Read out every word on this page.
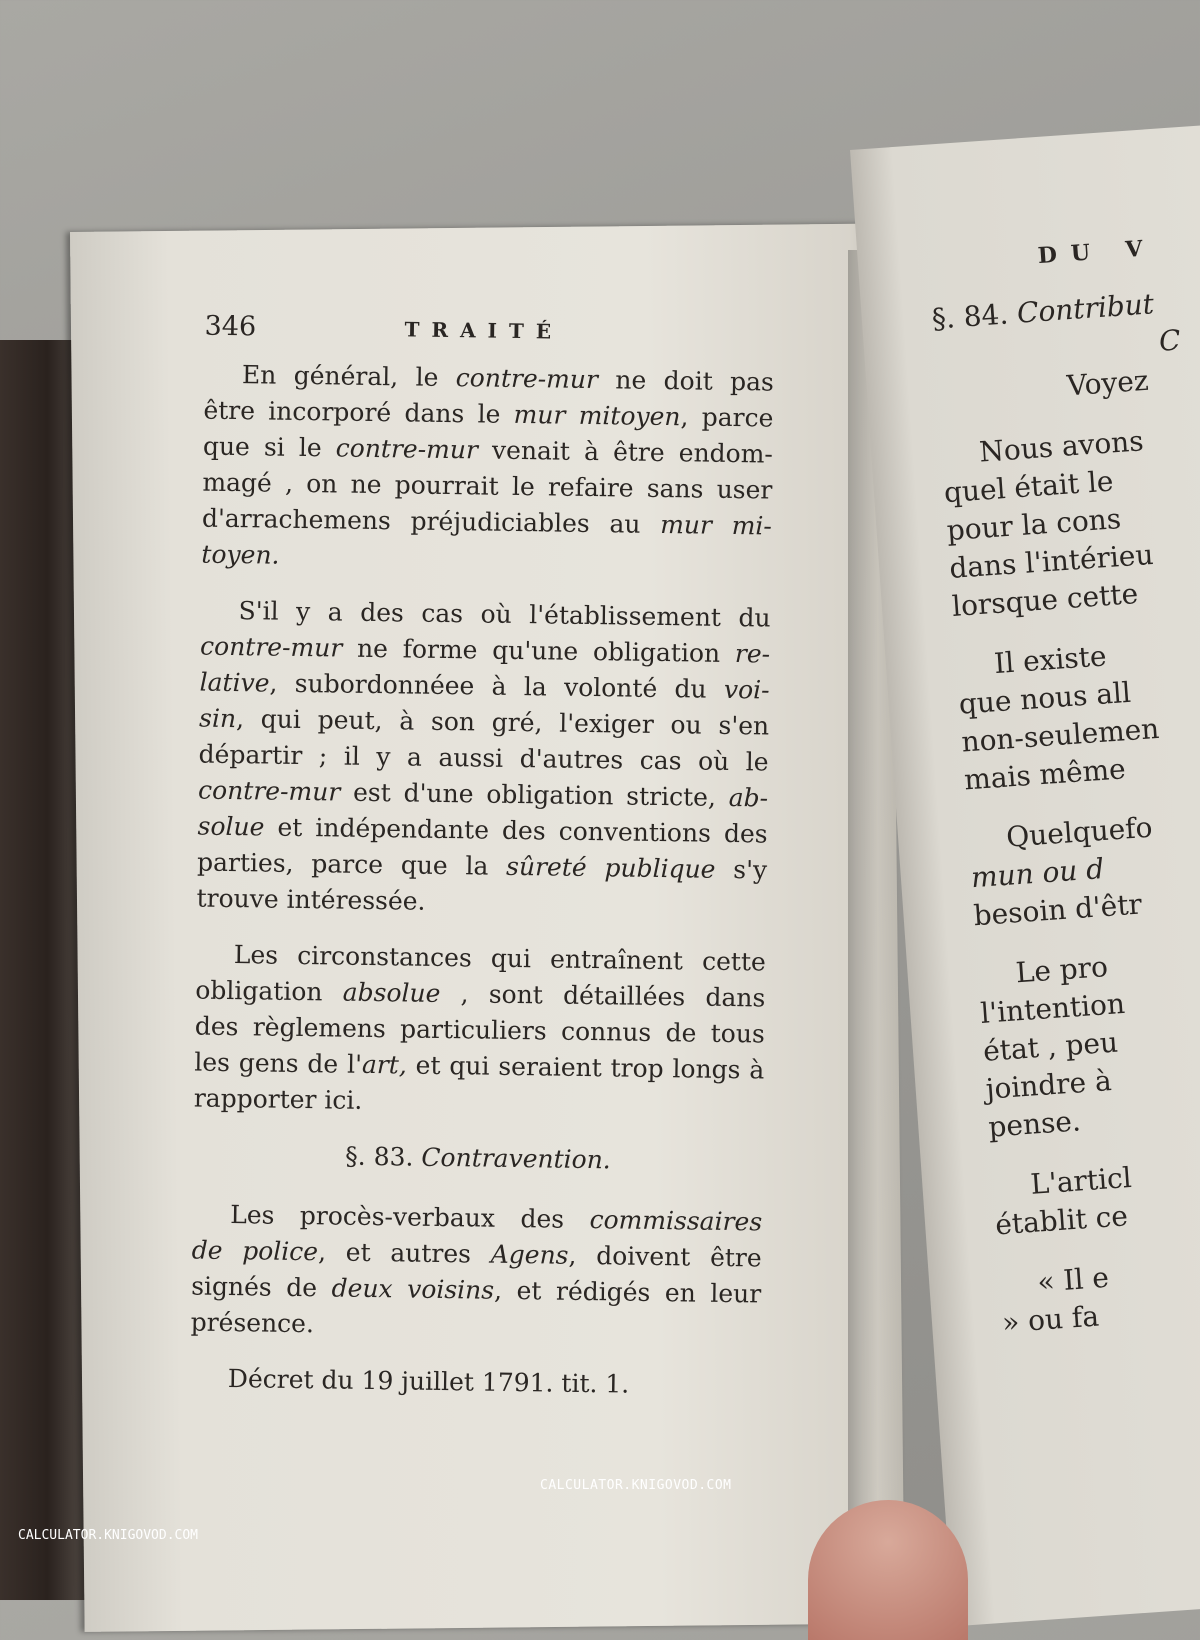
346	TRAITÉ
En général, le contre-mur ne doit pas
être incorporé dans le mur mitoyen, parce
que si le contre-mur venait à être endom-
magé , on ne pourrait le refaire sans user
d'arrachemens préjudiciables au mur mi-
toyen.
S'il y a des cas où l'établissement du
contre-mur ne forme qu'une obligation re-
lative, subordonnéee à la volonté du voi-
sin, qui peut, à son gré, l'exiger ou s'en
départir ; il y a aussi d'autres cas où le
contre-mur est d'une obligation stricte, ab-
solue et indépendante des conventions des
parties, parce que la sûreté publique s'y
trouve intéressée.
Les circonstances qui entraînent cette
obligation absolue , sont détaillées dans
des règlemens particuliers connus de tous
les gens de l'art, et qui seraient trop longs à
rapporter ici.
§. 83. Contravention.
Les procès-verbaux des commissaires
de police, et autres Agens, doivent être
signés de deux voisins, et rédigés en leur
présence.
Décret du 19 juillet 1791. tit. 1.
DU V
§. 84. Contribut
C
Voyez
Nous avons
quel était le
pour la cons
dans l'intérieu
lorsque cette
Il existe
que nous all
non-seulemen
mais même
Quelquefo
mun ou d
besoin d'êtr
Le pro
l'intention
état , peu
joindre à
pense.
L'articl
établit ce
« Il e
» ou fa
CALCULATOR.KNIGOVOD.COM
CALCULATOR.KNIGOVOD.COM
